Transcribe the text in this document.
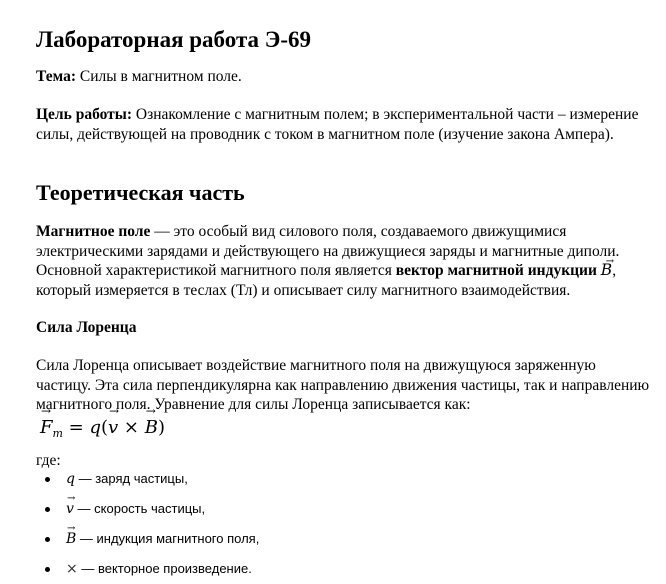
Лабораторная работа Э-69

Тема: Силы в магнитном поле.

Цель работы: Ознакомление с магнитным полем; в экспериментальной части – измерение силы, действующей на проводник с током в магнитном поле (изучение закона Ампера).

Теоретическая часть

Магнитное поле — это особый вид силового поля, создаваемого движущимися электрическими зарядами и действующего на движущиеся заряды и магнитные диполи. Основной характеристикой магнитного поля является вектор магнитной индукции B →, который измеряется в теслах (Тл) и описывает силу магнитного взаимодействия.

Сила Лоренца

Сила Лоренца описывает воздействие магнитного поля на движущуюся заряженную частицу. Эта сила перпендикулярна как направлению движения частицы, так и направлению магнитного поля. Уравнение для силы Лоренца записывается как:

→ $F_m = q(\to v$ × → B)

где:

q — заряд частицы,
→ v — скорость частицы,
→ B — индукция магнитного поля,
× — векторное произведение.
